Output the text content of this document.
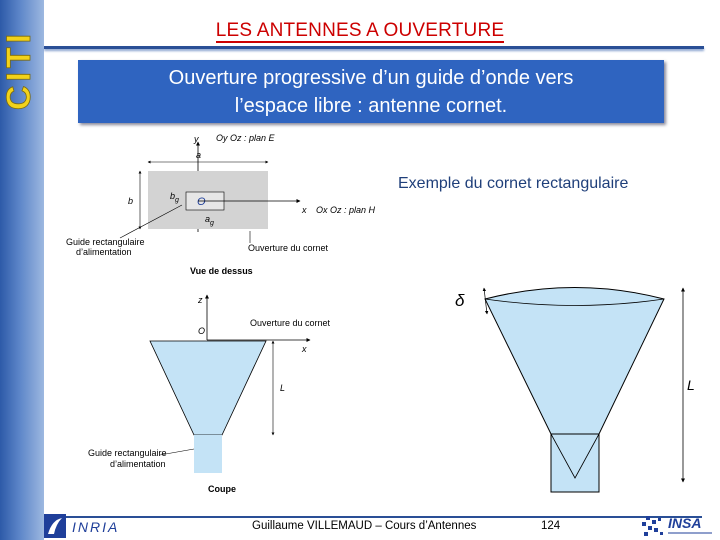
CITI	LES ANTENNES A OUVERTURE
Ouverture progressive d’un guide d’onde vers
l’espace libre : antenne cornet.
Exemple du cornet rectangulaire
y Oy Oz : plan E
a
b	$b_g$ O
$a_g$
x Ox Oz : plan H
Guide rectangulaire
d’alimentation	Ouverture du cornet
Vue de dessus
z
O
Ouverture du cornet
x
L
Guide rectangulaire
d’alimentation
Coupe
δ
L
INRIA	Guillaume VILLEMAUD – Cours d’Antennes	124	INSA
